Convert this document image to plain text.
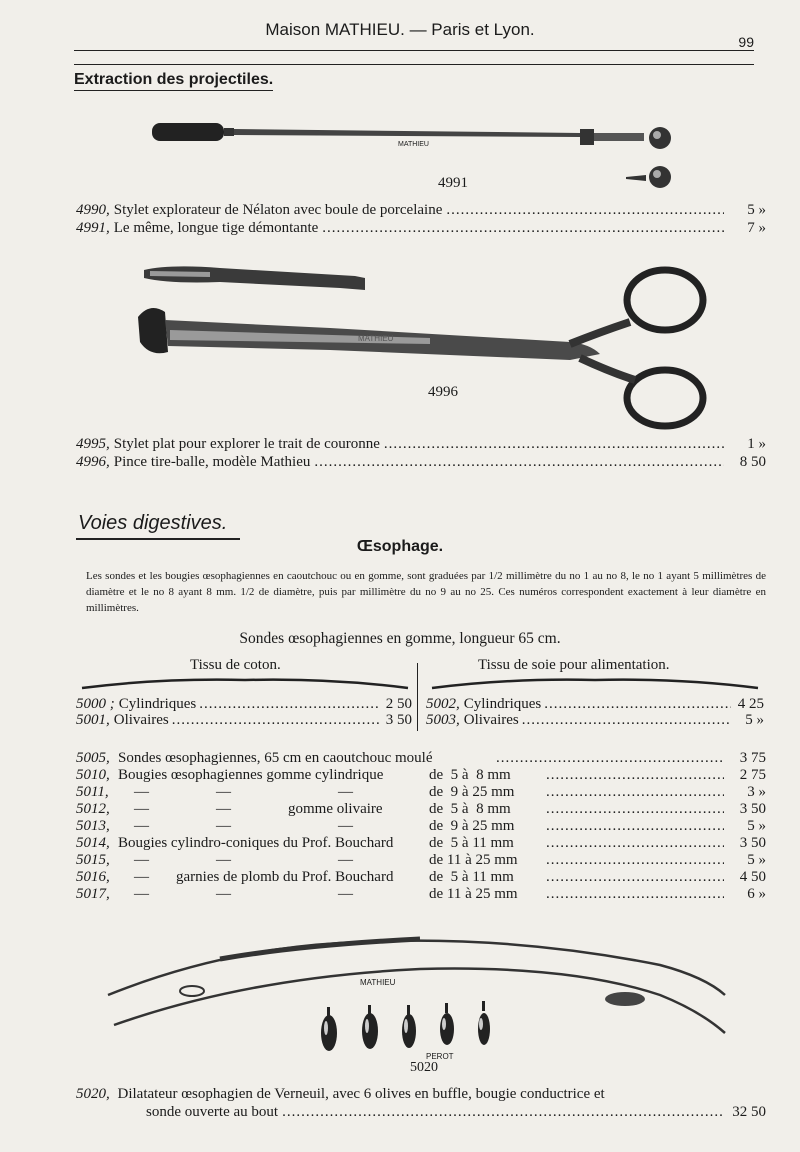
Maison MATHIEU. — Paris et Lyon.
99
Extraction des projectiles.
MATHIEU
4991
4990, Stylet explorateur de Nélaton avec boule de porcelaine .....	5 »
4991, Le même, longue tige démontante .....	7 »
MATHIEU
4996
4995, Stylet plat pour explorer le trait de couronne .....	1 »
4996, Pince tire-balle, modèle Mathieu .....	8 50
Voies digestives.
Œsophage.
Les sondes et les bougies œsophagiennes en caoutchouc ou en gomme, sont graduées par 1/2 millimètre du no 1 au no 8, le no 1 ayant 5 millimètres de diamètre et le no 8 ayant 8 mm. 1/2 de diamètre, puis par millimètre du no 9 au no 25. Ces numéros correspondent exactement à leur diamètre en millimètres.
Sondes œsophagiennes en gomme, longueur 65 cm.
Tissu de coton.	Tissu de soie pour alimentation.
5000 ; Cylindriques .....	2 50
5001, Olivaires .....	3 50
5002, Cylindriques .....	4 25
5003, Olivaires .....	5 »
5005, Sondes œsophagiennes, 65 cm en caoutchouc moulé .....	3 75
5010, Bougies œsophagiennes gomme cylindrique	de  5 à  8 mm .....	2 75
5011, —	—	—	de  9 à 25 mm .....	3 »
5012, —	—	gomme olivaire	de  5 à  8 mm .....	3 50
5013, —	—	—	de  9 à 25 mm .....	5 »
5014, Bougies cylindro-coniques du Prof. Bouchard de  5 à 11 mm .....	3 50
5015, —	—	—	de 11 à 25 mm .....	5 »
5016, — garnies de plomb du Prof. Bouchard de  5 à 11 mm .....	4 50
5017, —	—	—	de 11 à 25 mm .....	6 »
MATHIEU
PEROT
5020
5020, Dilatateur œsophagien de Verneuil, avec 6 olives en buffle, bougie conductrice et
sonde ouverte au bout .....	32 50
